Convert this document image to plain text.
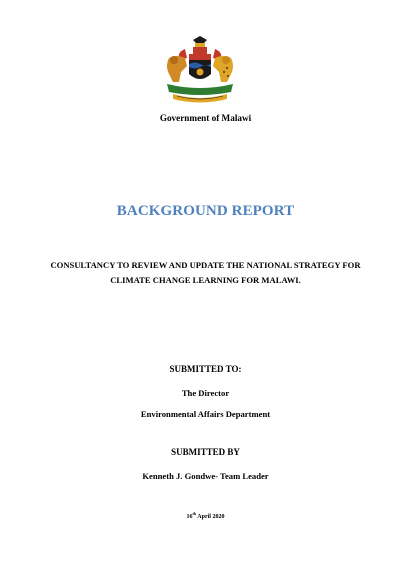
Government of Malawi
BACKGROUND REPORT
CONSULTANCY TO REVIEW AND UPDATE THE NATIONAL STRATEGY FOR
CLIMATE CHANGE LEARNING FOR MALAWI.
SUBMITTED TO:
The Director
Environmental Affairs Department
SUBMITTED BY
Kenneth J. Gondwe- Team Leader
16th April 2020
